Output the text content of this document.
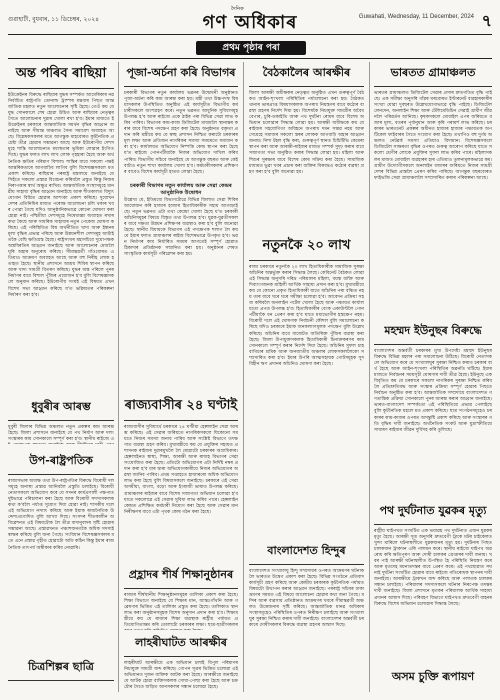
গুৱাহাটী, বুধবাৰ, ১১ ডিচেম্বৰ, ২০২৪
দৈনিক
গণ অধিকাৰ	Guwahati, Wednesday, 11 December, 2024 ৭
প্ৰথম পৃষ্ঠাৰ পৰা
অন্ত পৰিব ৰাছিয়া
ইউক্ৰেইনৰ বিৰুদ্ধে ৰাছিয়াৰ যুদ্ধৰ সম্পৰ্কত আমেৰিকাৰ নৱনিৰ্বাচিত ৰাষ্ট্ৰপতি ডোনাল্ড ট্ৰাম্পৰ মন্তব্যৰ পিছত আন্তৰ্জাতিক মহলত নতুন আলোচনাৰ সৃষ্টি হৈছে। তেওঁ কয় যে যুদ্ধ সোনকালে শেষ হোৱা উচিত আৰু ৰাছিয়াৰ নেতৃত্বৰ সৈতে আলোচনাৰ দুৱাৰ খোলা ৰখা হ'ব। ইয়াৰ মাজতে ইউক্ৰেইনৰ চৰকাৰে আন্তৰ্জাতিক সমৰ্থন বৃদ্ধিৰ আহ্বান জনাইছে আৰু সীমান্ত অঞ্চলত সৈন্য সমাবেশ অব্যাহত আছে। বিশ্লেষকসকলৰ মতে আগন্তুক মাহবোৰত কূটনৈতিক প্ৰচেষ্টা তীব্ৰ হোৱাৰ সম্ভাৱনা আছে আৰু ইউৰোপীয় দেশসমূহে শান্তি আলোচনাত মধ্যস্থতাৰ ভূমিকা লোৱাৰ ইংগিত দিছে। যুদ্ধৰ ফলত লাখ লাখ লোক গৃহহাৰা হৈছে আৰু অৰ্থনৈতিক ক্ষতিৰ পৰিমাণ বিশাল। শান্তিৰ বাবে সকলো পক্ষই আন্তৰিকতাৰে আগবাঢ়িব লাগিব বুলি বিশেষজ্ঞসকলে মত প্ৰকাশ কৰিছে। ৰাছিয়াৰ পৰৰাষ্ট্ৰ মন্ত্ৰালয়ে জনাইছে যে সিহঁতে সকলো প্ৰস্তাৱ বিবেচনা কৰিবলৈ প্ৰস্তুত কিন্তু নিজৰ নিৰাপত্তাৰ স্বাৰ্থ অক্ষুণ্ণ ৰাখিব। আন্তৰ্জাতিক সংস্থাসমূহে মানৱীয় সাহায্য বৃদ্ধিৰ আহ্বান জনাইছে আৰু শীতকালত বিদ্যুৎ যোগান বিঘ্নিত হোৱাৰ আশংকা প্ৰকাশ কৰিছে। দুয়োখন দেশৰ প্ৰতিনিধিৰ মাজত পৰোক্ষ আলোচনা চলি থকাৰ খবৰ পোৱা গৈছে যদিও আনুষ্ঠানিকভাৱে কোনো ঘোষণা কৰা হোৱা নাই। পশ্চিমীয়া দেশসমূহে নিষেধাজ্ঞা অব্যাহত ৰখাৰ কথা কৈছে আৰু সামৰিক সাহায্যৰ নতুন পেকেজ ঘোষণা কৰিছে। এই পৰিস্থিতিত বিশ্ব অৰ্থনীতিত খাদ্য আৰু ইন্ধনৰ মূল্য বৃদ্ধিৰ প্ৰভাৱ পৰিছে আৰু উন্নয়নশীল দেশসমূহ আটাইতকৈ বেছি ক্ষতিগ্ৰস্ত হৈছে। ৰাষ্ট্ৰসংঘৰ মহাসচিবে দুয়োপক্ষক অস্ত্ৰবিৰতিৰ আহ্বান জনাইছে আৰু আলোচনাৰ মেজলৈ ঘূৰি অহাৰ অনুৰোধ কৰিছে। সীমান্তৱৰ্তী গাঁওবোৰত এতিয়াও আক্ৰমণ অব্যাহত আছে আৰু বহু নিৰীহ লোক হতাহত হৈছে। স্থানীয় প্ৰশাসনে আশ্ৰয় শিবিৰ স্থাপন কৰিছে আৰু খাদ্য সামগ্ৰী বিতৰণ কৰিছে। যুদ্ধৰ অন্ত পৰিলে পুনৰ নিৰ্মাণৰ বাবে বিশাল পুঁজিৰ প্ৰয়োজন হ'ব বুলি বিশেষজ্ঞসকলে অনুমান কৰিছে। ইউৰোপীয় সংঘই এই বিষয়ত এখন বিশেষ সভা আহ্বান কৰিছে য'ত ভৱিষ্যতৰ পৰিকল্পনা নিৰ্ধাৰণ কৰা হ'ব।
ধুবুৰীৰ আৰম্ভ
ধুবুৰী জিলাৰ বিভিন্ন অঞ্চলত নতুন প্ৰকল্পৰ কাম আৰম্ভ হৈছে। জিলা প্ৰশাসনে জনাইছে যে পথ নিৰ্মাণ আৰু দলং সংস্কাৰৰ কাম সোনকালে সম্পূৰ্ণ কৰা হ'ব। স্থানীয় ৰাইজে এ
উপ-ৰাষ্ট্ৰপতিক
ৰাজ্যসভাৰ অধ্যক্ষ তথা উপ-ৰাষ্ট্ৰপতিৰ বিৰুদ্ধে বিৰোধী দলসমূহে অনাস্থা প্ৰস্তাৱ আনিবলৈ প্ৰস্তুতি চলাইছে। বিৰোধী নেতাসকলে অভিযোগ কৰে যে সদনৰ কাৰ্যপ্ৰণালী পক্ষপাতদুষ্টভাৱে পৰিচালনা কৰা হৈছে আৰু বিৰোধী সদস্যসকলক কথা ক'বলৈ পৰ্যাপ্ত সুযোগ দিয়া হোৱা নাই। শাসকীয় দলে এই অভিযোগ নস্যাৎ কৰিছে আৰু ইয়াক ৰাজনৈতিক উদ্দেশ্যপ্ৰণোদিত বুলি আখ্যা দিছে। সংসদৰ শীতকালীন অধিৱেশনত এই বিষয়টোক লৈ তীব্ৰ বাদানুবাদৰ সৃষ্টি হোৱাৰ সম্ভাৱনা আছে। প্ৰস্তাৱখনত পঞ্চাশজনতকৈ অধিক সদস্যই স্বাক্ষৰ কৰিছে বুলি জনা গৈছে। সংবিধান বিশেষজ্ঞসকলৰ মতে এনে প্ৰস্তাৱ গৃহীত হোৱাটো অতি কঠিন কিন্তু ইয়াৰ ৰাজনৈতিক তাৎপৰ্য অস্বীকাৰ কৰিব নোৱাৰি।
চিত্ৰশিল্পৰ ছাত্ৰি
পূজা-অৰ্চনা কৰি বিভাগৰ
চৰকাৰী বিভাগৰ নতুন কাৰ্যালয় ভৱনৰ উদ্বোধনী অনুষ্ঠানত পূজা-অৰ্চনা কৰি কাম আৰম্ভ কৰা হয়। মন্ত্ৰী তথা উচ্চপদস্থ বিষয়াসকলৰ উপস্থিতিত অনুষ্ঠিত এই কাৰ্যসূচীত বিভাগীয় কৰ্মচাৰীসকলে অংশগ্ৰহণ কৰে। নতুন ভৱনত আধুনিক সুবিধাসমূহ উপলব্ধ হ'ব আৰু ৰাইজে একে ঠাইৰ পৰা বিভিন্ন সেৱা লাভ কৰিব পাৰিব। বিভাগৰ কাম-কাজ ডিজিটেল মাধ্যমলৈ স্থানান্তৰ কৰাৰ বাবে বিশেষ পদক্ষেপ গ্ৰহণ কৰা হৈছে। অনুষ্ঠানত বক্তৃতা প্ৰদান কৰি মন্ত্ৰীয়ে কয় যে স্বচ্ছ প্ৰশাসন নিশ্চিত কৰাটো চৰকাৰৰ মূল লক্ষ্য আৰু প্ৰতিজন নাগৰিকৰ সমস্যা সময়মতে সমাধান কৰা হ'ব। কাৰ্যালয়ত অভিযোগ নিষ্পত্তি কেন্দ্ৰ স্থাপন কৰা হৈছে য'ত ৰাইজে পোনপটীয়াকৈ নিজৰ অভিযোগ দাখিল কৰিব পাৰিব। বিভাগীয় সচিবে জনাইছে যে আগন্তুক বছৰত আৰু কেইবাটাও নতুন শাখা কাৰ্যালয় খোলা হ'ব। কৰ্মচাৰীসকলৰ প্ৰশিক্ষণৰ বাবেও বিশেষ কাৰ্যসূচী হাতত লোৱা হৈছে।
চৰকাৰী বিভাগৰ নতুন কাৰ্যালয় আৰু সেৱা কেন্দ্ৰৰ আনুষ্ঠানিক উদ্বোধন
উল্লেখ্য যে, ইতিমধ্যে বিভাগটোৱে বিভিন্ন জিলাত সেৱা শিবিৰ আয়োজন কৰি হাজাৰ হাজাৰ হিতাধিকাৰীক সহায় আগবঢ়াইছে। নতুন ভৱনত এটা তথ্য কেন্দ্ৰো খোলা হৈছে য'ত চৰকাৰী আঁচনিসমূহৰ বিষয়ে বিস্তৃত তথ্য উপলব্ধ হ'ব। যুৱক-যুৱতীসকলৰ বাবে দক্ষতা উন্নয়ন প্ৰশিক্ষণৰ ব্যৱস্থাও কৰা হ'ব বুলি জনোৱা হৈছে। স্থানীয় বিধায়কে বিভাগৰ এই পদক্ষেপক শলাগ লৈ কয় যে ইয়াৰ ফলত গ্ৰামাঞ্চলৰ ৰাইজ বিশেষভাৱে উপকৃত হ'ব। ভৱন নিৰ্মাণৰ কাম নিৰ্ধাৰিত সময়ৰ আগতেই সম্পূৰ্ণ হোৱাত ঠিকাদাৰ প্ৰতিষ্ঠানক সন্মানিত কৰা হয়। অনুষ্ঠানৰ শেষত সাংস্কৃতিক কাৰ্যসূচী পৰিৱেশন কৰা হয়।
ৰাজ্যবাসীৰ ২৪ ঘণ্টাই
ৰাজ্যবাসীৰ সুবিধাৰ্থে চৰকাৰে ২৪ ঘণ্টীয়া হেল্পলাইন সেৱা আৰম্ভ কৰিছে। এই সেৱাৰ জৰিয়তে নাগৰিকসকলে যিকোনো সময়তে নিজৰ সমস্যা জনাব পাৰিব আৰু সংশ্লিষ্ট বিভাগে তৎক্ষণাত ব্যৱস্থা গ্ৰহণ কৰিব। মুখ্যমন্ত্ৰীয়ে কয় যে প্ৰযুক্তিৰ সহায়ত প্ৰশাসনক ৰাইজৰ দুৱাৰমুখলৈ লৈ যোৱাটো চৰকাৰৰ অগ্ৰাধিকাৰ। হেল্পলাইনত স্বাস্থ্য, শিক্ষা, আৰক্ষী আৰু ৰাজহ বিভাগৰ সেৱা সংযোজিত কৰা হৈছে। প্ৰতিটো অভিযোগৰ এটা নিৰ্দিষ্ট নম্বৰ প্ৰদান কৰা হ'ব যাৰ দ্বাৰা অভিযোগকাৰীয়ে নিজৰ অভিযোগৰ অৱস্থা জানিব পাৰিব। প্ৰথম সপ্তাহতে হাজাৰৰো অধিক অভিযোগ লাভ কৰা হৈছে বুলি বিষয়াসকলে জনাইছে। চৰকাৰে এই সেৱা অসমীয়া, বাংলা, বড়ো আৰু ইংৰাজী ভাষাত উপলব্ধ কৰিছে। গ্ৰামাঞ্চলৰ ৰাইজৰ বাবে বিশেষ সজাগতা অভিযান চলোৱা হ'ব যাতে সকলোৱে এই সেৱাৰ সুবিধা লাভ কৰিব পাৰে। হেল্পলাইন কেন্দ্ৰত প্ৰশিক্ষিত কৰ্মচাৰী নিয়োগ কৰা হৈছে আৰু সেৱাৰ মান নিৰীক্ষণৰ বাবে এটা পৃথক কোষ গঠন কৰা হৈছে।
প্ৰহ্লাদৰ শীৰ্ষ শিক্ষানুষ্ঠানৰ
ৰাজ্যৰ শীৰ্ষস্থানীয় শিক্ষানুষ্ঠানসমূহৰ তালিকা প্ৰকাশ কৰা হৈছে। শিক্ষা বিভাগে জনাইছে যে শিক্ষাৰ মান, আন্তঃগাঁথনি আৰু গৱেষণাৰ ভিত্তিত এই তালিকা প্ৰস্তুত কৰা হৈছে। তালিকাত স্থান লাভ কৰা অনুষ্ঠানসমূহক বিশেষ অনুদান প্ৰদান কৰা হ'ব। শিক্ষামন্ত্ৰীয়ে কয় যে ৰাজ্যৰ শিক্ষা ব্যৱস্থাক ৰাষ্ট্ৰীয় পৰ্যায়ত প্ৰতিযোগিতাক্ষম কৰি তোলাটো চৰকাৰৰ লক্ষ্য। ছাত্ৰ-ছাত্ৰীসকলৰ
লাহৰীঘাটত আৰক্ষীৰ
লাহৰীঘাট আৰক্ষীয়ে এক অভিযান চলাই বিপুল পৰিমাণৰ নিচাযুক্ত সামগ্ৰী জব্দ কৰিছে। গোপন সূত্ৰৰ ভিত্তিত চলোৱা এই অভিযানত দুজন ব্যক্তিক আটক কৰা হৈছে। আৰক্ষীয়ে জনাইছে যে আটক হোৱা ব্যক্তিসকলক সোধা-পোছা কৰা হৈছে আৰু চক্ৰটোৰ সৈতে জড়িত আনসকলৰ সন্ধান চলোৱা হৈছে।
বৈঠকালৈৰ আৰক্ষীৰ
জিলা আৰক্ষী অধীক্ষকৰ নেতৃত্বত অনুষ্ঠিত এখন গুৰুত্বপূৰ্ণ বৈঠকত আইন-শৃংখলা পৰিস্থিতিৰ পৰ্যালোচনা কৰা হয়। বৈঠকত থানাৰ ভাৰপ্ৰাপ্ত বিষয়াসকলক অপৰাধ নিয়ন্ত্ৰণৰ বাবে কঠোৰ ব্যৱস্থা গ্ৰহণৰ নিৰ্দেশ দিয়া হয়। বিশেষকৈ নিচাযুক্ত সামগ্ৰীৰ অবৈধ বেপাৰ, চুৰি-ডকাইতি আৰু পথ দুৰ্ঘটনা ৰোধৰ বাবে বিশেষ অভিযান চলোৱাৰ সিদ্ধান্ত লোৱা হয়। আৰক্ষী অধীক্ষকে কয় যে ৰাইজৰ সহযোগিতা অবিহনে অপৰাধ দমন সম্ভৱ নহয় আৰু সেয়েহে সমাজৰ সকলো স্তৰৰ লোকক আগবাঢ়ি অহাৰ আহ্বান জনায়। নিশা টহল বৃদ্ধি কৰা, গুৰুত্বপূৰ্ণ স্থানত চিচিটিভি কেমেৰা স্থাপন কৰা আৰু আৰক্ষী-ৰাইজৰ মাজত সম্পৰ্ক সুদৃঢ় কৰাৰ বাবে সজাগতা সভা অনুষ্ঠিত কৰাৰ সিদ্ধান্ত লোৱা হয়। মহিলা আৰু শিশুৰ সুৰক্ষাৰ বাবে বিশেষ কোষ সক্ৰিয় কৰা হৈছে। সামাজিক মাধ্যমত ভুৱা খবৰ প্ৰচাৰ কৰা ব্যক্তিৰ বিৰুদ্ধেও কঠোৰ ব্যৱস্থা গ্ৰহণ কৰা হ'ব বুলি জনোৱা হয়।
নতুনকৈ ২০ লাখ
ৰাজ্য চৰকাৰে নতুনকৈ ২০ লাখ হিতাধিকাৰীক সামাজিক সুৰক্ষা আঁচনিৰ অন্তৰ্ভুক্ত কৰাৰ সিদ্ধান্ত লৈছে। কেবিনেট বৈঠকত লোৱা এই সিদ্ধান্ত অনুসৰি দৰিদ্ৰ পৰিয়ালৰ মহিলা, বয়স্ক ব্যক্তি আৰু দিব্যাংগজনক মাহিলী আৰ্থিক সাহায্য প্ৰদান কৰা হ'ব। মুখ্যমন্ত্ৰীয়ে কয় যে কোনো প্ৰকৃত হিতাধিকাৰী যাতে আঁচনিৰ পৰা বঞ্চিত নহয় তাৰ বাবে ঘৰে ঘৰে সমীক্ষা চলোৱা হ'ব। আবেদন প্ৰক্ৰিয়া সহজ কৰিবলৈ অনলাইন পৰ্টেল খোলা হৈছে আৰু পঞ্চায়ত কাৰ্যালয়তো প্ৰপত্ৰ উপলব্ধ হ'ব। হিতাধিকাৰীৰ বেংক একাউণ্টলৈ পোনপটীয়াকৈ ধন প্ৰেৰণ কৰা হ'ব যাতে মধ্যভোগীৰ হস্তক্ষেপ নহয়। বিৰোধী দলে এই ঘোষণাক নিৰ্বাচনী কৌশল বুলি সমালোচনা কৰিছে যদিও চৰকাৰে ইয়াক জনকল্যাণমূলক পদক্ষেপ বুলি উল্লেখ কৰিছে। আঁচনিৰ বাবে বাজেটত অতিৰিক্ত পুঁজিৰ ব্যৱস্থা কৰা হৈছে। জিলা উপায়ুক্তসকলক হিতাধিকাৰী চিনাক্তকৰণৰ কাম সোনকালে সম্পূৰ্ণ কৰাৰ নিৰ্দেশ দিয়া হৈছে। আঁচনিৰ সুফল চাহ বাগিচাৰ শ্ৰমিক আৰু জনজাতীয় অঞ্চলৰ লোকসকললৈকো সম্প্ৰসাৰিত কৰা হ'ব। ইয়াৰ উপৰি আত্মসহায়ক গোটসমূহক সুদবিহীন ঋণ প্ৰদানৰ আঁচনিও ঘোষণা কৰা হৈছে।
বাংলাদেশত হিন্দুৰ
বাংলাদেশত সংখ্যালঘু হিন্দু সম্প্ৰদায়ৰ ওপৰত আক্ৰমণৰ ঘটনাক লৈ ভাৰতত উদ্বেগ প্ৰকাশ কৰা হৈছে। বিভিন্ন সংগঠনে প্ৰতিবাদ কাৰ্যসূচী গ্ৰহণ কৰিছে আৰু কেন্দ্ৰীয় চৰকাৰক কূটনৈতিক পৰ্যায়ত বিষয়টো উত্থাপন কৰাৰ আহ্বান জনাইছে। পৰৰাষ্ট্ৰ সচিবৰ ঢাকা ভ্ৰমণৰ সময়ত এই বিষয়ে আলোচনা হোৱাৰ কথা জনা গৈছে। মন্দিৰ আৰু ব্যৱসায় প্ৰতিষ্ঠানত আক্ৰমণৰ খবৰে সীমান্তৱৰ্তী অঞ্চলত উত্তেজনাৰ সৃষ্টি কৰিছে। আন্তৰ্জাতিক মানৱ অধিকাৰ সংস্থাসমূহেও পৰিস্থিতিৰ ওপৰত নিৰীক্ষণ চলাইছে আৰু সংখ্যালঘুৰ সুৰক্ষা নিশ্চিত কৰাৰ দাবী জনাইছে। বাংলাদেশৰ অন্তৰ্বৰ্তী চৰকাৰে দোষীসকলৰ বিৰুদ্ধে ব্যৱস্থা গ্ৰহণৰ আশ্বাস দিছে।
ভাৰতত গ্ৰামাঞ্চলত
ভাৰতৰ গ্ৰামাঞ্চলত ডিজিটেল সেৱাৰ প্ৰসাৰ দ্ৰুতগতিত বৃদ্ধি পাইছে। এক সমীক্ষা অনুসৰি গাঁৱৰ ঘৰবোৰত ইণ্টাৰনেট ব্যৱহাৰকাৰীৰ সংখ্যা যোৱা দুবছৰত উল্লেখযোগ্যভাৱে বৃদ্ধি পাইছে। ডিজিটেল লেনদেন, অনলাইন শিক্ষা আৰু টেলিমেডিচিন সেৱাই গ্ৰামীণ জীৱনলৈ পৰিৱৰ্তন আনিছে। কৃষকসকলে মোবাইল এপৰ জৰিয়তে বজাৰ মূল্য, বতৰৰ পূৰ্বানুমান আৰু কৃষি পৰামৰ্শ লাভ কৰিছে। চৰকাৰৰ ভাৰতনেট প্ৰকল্পৰ অধীনত হাজাৰ হাজাৰ পঞ্চায়তক অপটিকেল ফাইবাৰৰ সৈতে সংযোগ কৰা হৈছে। তথাপিও বহু দুৰ্গম অঞ্চলত নেটৱৰ্ক সমস্যা এতিয়াও বিদ্যমান। বিশেষজ্ঞসকলে ডিজিটেল সাক্ষৰতা বৃদ্ধিৰ ওপৰত গুৰুত্ব আৰোপ কৰিছে যাতে সকলো শ্ৰেণীৰ লোকে প্ৰযুক্তিৰ সুফল লাভ কৰিব পাৰে। মহিলাসকলৰ মাজত মোবাইল ব্যৱহাৰৰ হাৰ এতিয়াও তুলনামূলকভাৱে কম। গ্ৰামীণ উদ্যোগীসকলে অনলাইন বজাৰৰ জৰিয়তে নিজৰ সামগ্ৰী দেশৰ বিভিন্ন প্ৰান্তলৈ প্ৰেৰণ কৰিব পাৰিছে। আগন্তুক বছৰবোৰত ফাইভজি সেৱা গ্ৰামাঞ্চললৈ সম্প্ৰসাৰিত কৰাৰ পৰিকল্পনা আছে।
মহম্মদ ইউনুছৰ বিৰুদ্ধে
বাংলাদেশৰ অন্তৰ্বৰ্তী চৰকাৰৰ মুখ্য উপদেষ্টা মহম্মদ ইউনুছৰ বিৰুদ্ধে বিভিন্ন মহলৰ পৰা সমালোচনা উঠিছে। বিৰোধী নেতাসকলে অভিযোগ কৰে যে সংখ্যালঘুৰ সুৰক্ষা নিশ্চিত কৰাত চৰকাৰ ব্যৰ্থ হৈছে আৰু আইন-শৃংখলা পৰিস্থিতিৰ অৱনতি ঘটিছে। ইয়াৰ মাজতে নিৰ্বাচনৰ সময়সূচী ঘোষণাৰ দাবী তীব্ৰ হৈছে। ইউনুছে এক বিবৃতিত কয় যে চৰকাৰে সকলো নাগৰিকৰ সুৰক্ষা নিশ্চিত কৰিবলৈ প্ৰতিশ্ৰুতিবদ্ধ আৰু সংস্কাৰ প্ৰক্ৰিয়া সম্পূৰ্ণ হোৱাৰ পিছতে নিৰ্বাচন অনুষ্ঠিত কৰা হ'ব। আন্তৰ্জাতিক সম্প্ৰদায়ে বাংলাদেশত গণতান্ত্ৰিক প্ৰক্ৰিয়া সোনকালে পুনৰ আৰম্ভ কৰাৰ আহ্বান জনাইছে। ভাৰত-বাংলাদেশ সম্পৰ্কতো এই পৰিস্থিতিয়ে প্ৰভাৱ পেলাইছে বুলি কূটনৈতিক মহলে মত প্ৰকাশ কৰিছে। ছাত্ৰ সংগঠনসমূহেও চৰকাৰৰ কাম-কাজৰ ওপৰত অসন্তুষ্টি প্ৰকাশ কৰিছে আৰু সংস্কাৰৰ গতি বৃদ্ধিৰ দাবী জনাইছে। অৰ্থনৈতিক সংকট আৰু মুদ্ৰাস্ফীতিয়ে সাধাৰণ ৰাইজৰ জীৱন দুৰ্বিসহ কৰি তুলিছে।
পথ দুৰ্ঘটনাত যুৱকৰ মৃত্যু
ৰাষ্ট্ৰীয় ঘাইপথত সংঘটিত এক ভয়াৱহ পথ দুৰ্ঘটনাত এজন যুৱকৰ মৃত্যু হৈছে। আৰক্ষী সূত্ৰ অনুসৰি দ্ৰুতবেগী ট্ৰাকে মটৰ চাইকেলত খুন্দা মাৰিলে ঘটনাস্থলীতে যুৱকজনৰ মৃত্যু হয়। দুৰ্ঘটনাৰ পিছত চালকজন ট্ৰাকখন এৰি পলায়ন কৰে। স্থানীয় ৰাইজে ঘাইপথ অৱৰোধ কৰি ক্ষতিপূৰণ আৰু দোষী চালকৰ গ্ৰেপ্তাৰৰ দাবী জনায়। খবৰ পাই আৰক্ষী ঘটনাস্থলীত উপস্থিত হৈ পৰিস্থিতি নিয়ন্ত্ৰণ কৰে আৰু মৃতদেহ ময়নাতদন্তৰ বাবে প্ৰেৰণ কৰে। এই পথছোৱাত সঘনাই দুৰ্ঘটনা সংঘটিত হোৱাৰ বাবে ৰাইজে গতিৰোধক স্থাপনৰ দাবী জনাইছে। আৰক্ষীয়ে ট্ৰাকখন জব্দ কৰিছে আৰু পলাতক চালকৰ সন্ধান চলাইছে। পৰিয়ালৰ সদস্যসকলে ঘটনাৰ নিৰপেক্ষ তদন্তৰ দাবী জনাইছে। জিলা প্ৰশাসনে মৃতকৰ পৰিয়ালক আৰ্থিক সাহায্য প্ৰদানৰ আশ্বাস দিছে। পৰিবহণ বিভাগে ঘাইপথত দ্ৰুতবেগী বাহনৰ বিৰুদ্ধে বিশেষ অভিযান চলোৱাৰ সিদ্ধান্ত লৈছে।
অসম চুক্তি ৰূপায়ণ
